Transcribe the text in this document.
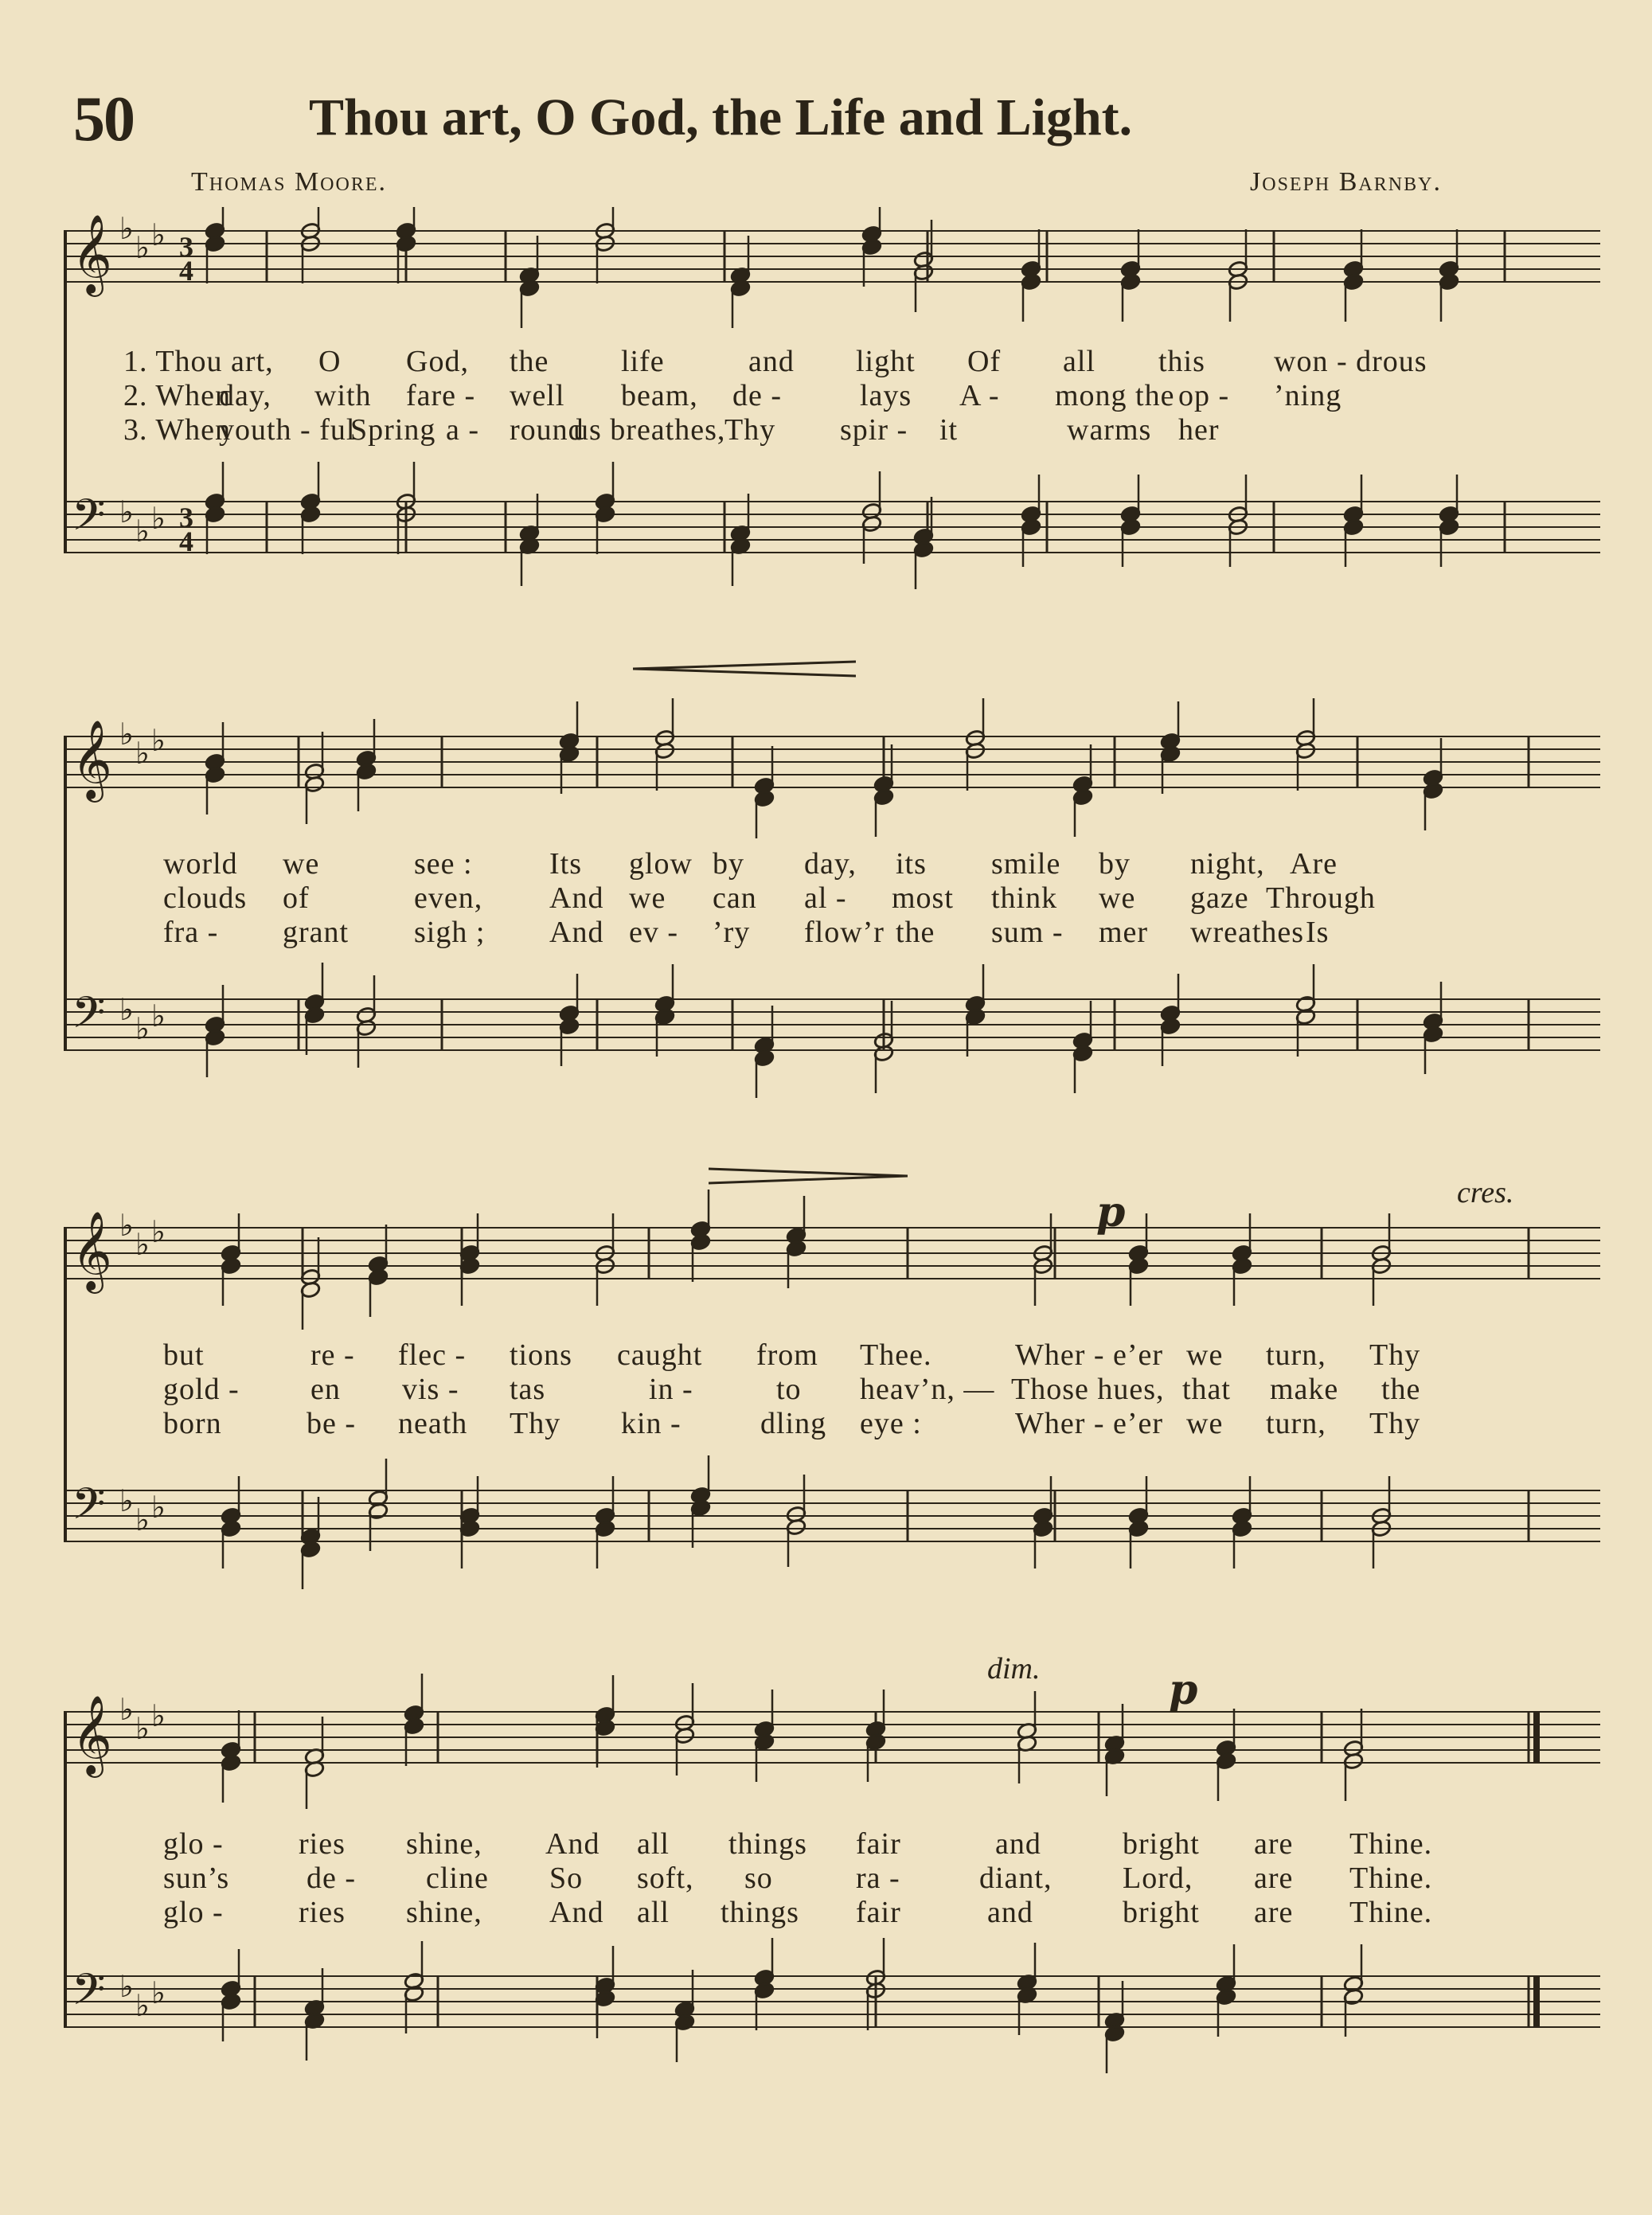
50	Thou art, O God, the Life and Light.
Thomas Moore.	Joseph Barnby.
𝄞
𝄢
♭
♭ ♭
♭
♭ ♭
3
4
3
4
1. Thou art, O God, the life	and light Of all this won - drous
2. When
day, with fare - well beam, de -	lays A - mong the op - ’ning
3. When
youth - ful
Spring a - round
us breathes,
Thy spir - it	warms her
𝄞
𝄢
♭
♭ ♭
♭
♭ ♭
world we	see :	Its glow by day, its smile by night, Are
clouds of	even, And we can al - most think we gaze Through
fra - grant sigh ; And ev - ’ry flow’r the sum - mer wreathes Is
𝄞
𝄢
♭
♭ ♭
♭
♭ ♭
p	cres.
but	re - flec - tions caught from Thee.	Wher - e’er we turn, Thy
gold - en vis - tas	in -	to heav’n, — Those hues, that make the
born	be - neath Thy kin -	dling eye :	Wher - e’er we turn, Thy
𝄞
𝄢
♭
♭ ♭
♭
♭ ♭
dim.	p
glo - ries shine, And all things fair	and	bright are Thine.
sun’s	de - cline So soft, so	ra -	diant, Lord, are Thine.
glo - ries shine, And all things fair	and	bright are Thine.
